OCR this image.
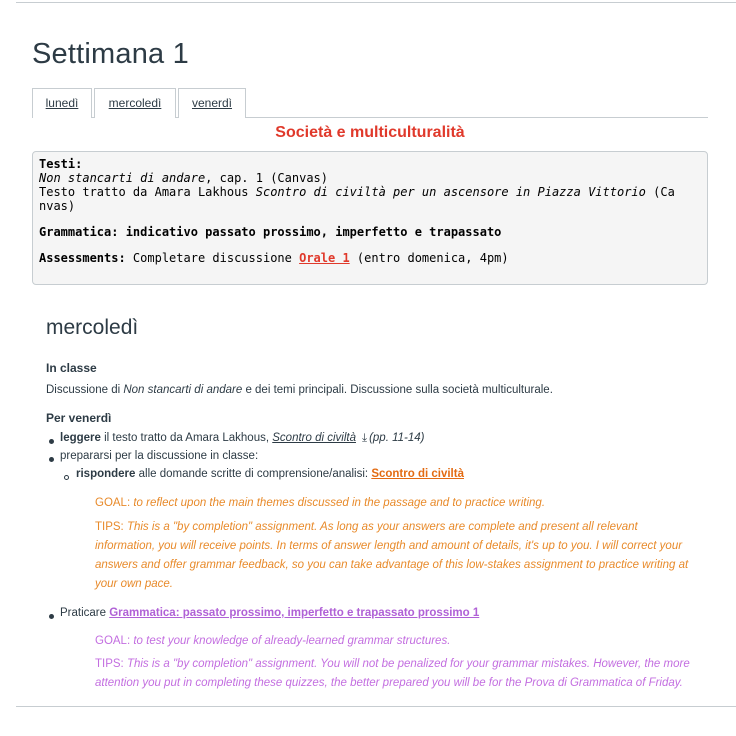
Settimana 1
lunedì	mercoledì	venerdì
Società e multiculturalità
Testi:
Non stancarti di andare, cap. 1 (Canvas)
Testo tratto da Amara Lakhous Scontro di civiltà per un ascensore in Piazza Vittorio (Ca
nvas)
Grammatica: indicativo passato prossimo, imperfetto e trapassato
Assessments: Completare discussione Orale 1 (entro domenica, 4pm)
mercoledì
In classe
Discussione di Non stancarti di andare e dei temi principali. Discussione sulla società multiculturale.
Per venerdì
leggere il testo tratto da Amara Lakhous, Scontro di civiltà ⤓ (pp. 11-14)
prepararsi per la discussione in classe:
rispondere alle domande scritte di comprensione/analisi: Scontro di civiltà
GOAL: to reflect upon the main themes discussed in the passage and to practice writing.
TIPS: This is a "by completion" assignment. As long as your answers are complete and present all relevant information, you will receive points. In terms of answer length and amount of details, it's up to you. I will correct your answers and offer grammar feedback, so you can take advantage of this low-stakes assignment to practice writing at your own pace.
Praticare Grammatica: passato prossimo, imperfetto e trapassato prossimo 1
GOAL: to test your knowledge of already-learned grammar structures.
TIPS: This is a "by completion" assignment. You will not be penalized for your grammar mistakes. However, the more attention you put in completing these quizzes, the better prepared you will be for the Prova di Grammatica of Friday.
